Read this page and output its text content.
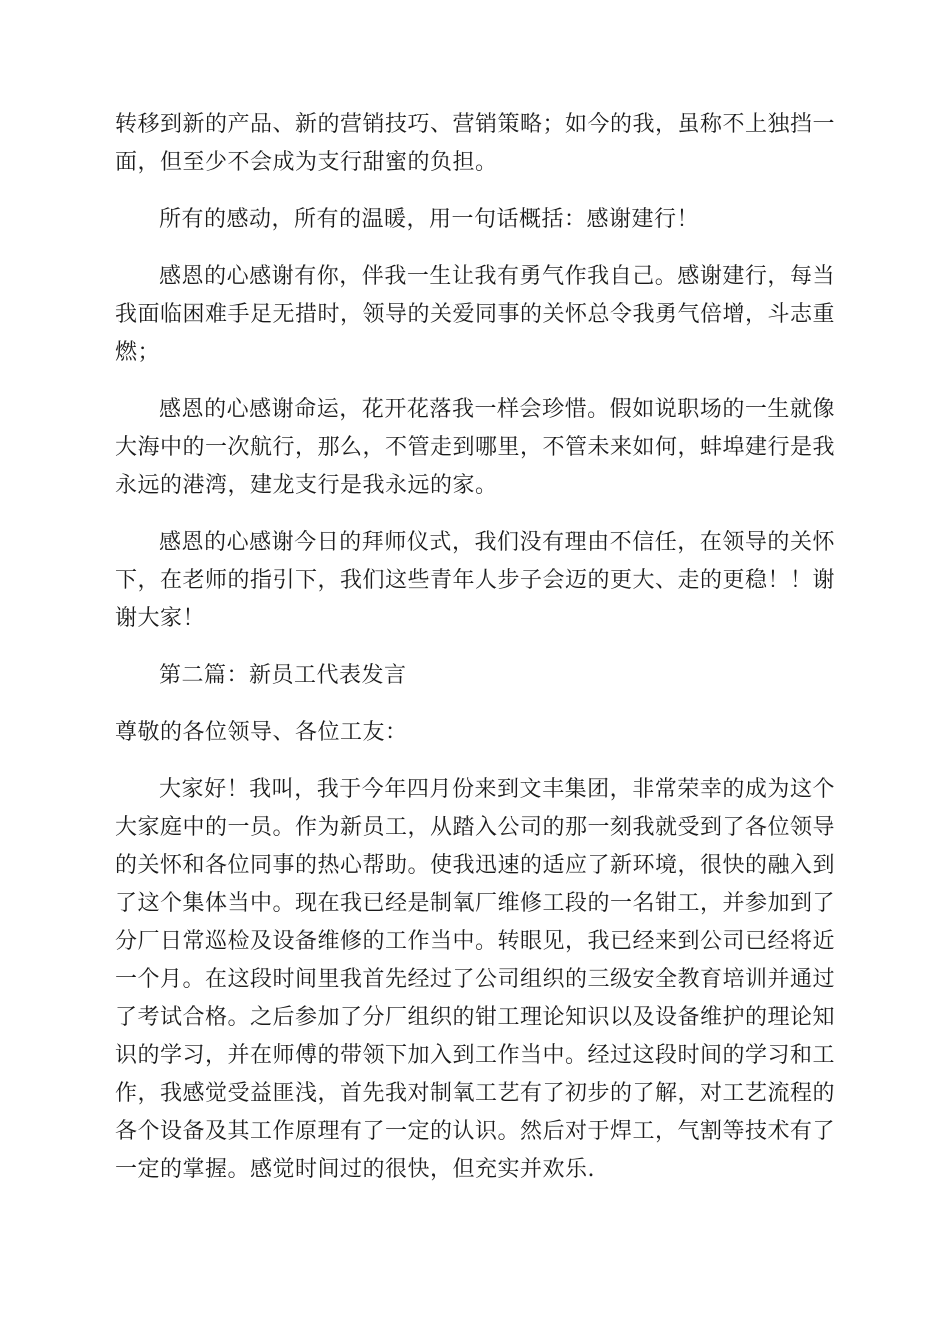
转移到新的产品、新的营销技巧、营销策略；如今的我，虽称不上独挡一面，但至少不会成为支行甜蜜的负担。

所有的感动，所有的温暖，用一句话概括：感谢建行！

感恩的心感谢有你，伴我一生让我有勇气作我自己。感谢建行，每当我面临困难手足无措时，领导的关爱同事的关怀总令我勇气倍增，斗志重燃；

感恩的心感谢命运，花开花落我一样会珍惜。假如说职场的一生就像大海中的一次航行，那么，不管走到哪里，不管未来如何，蚌埠建行是我永远的港湾，建龙支行是我永远的家。

感恩的心感谢今日的拜师仪式，我们没有理由不信任，在领导的关怀下，在老师的指引下，我们这些青年人步子会迈的更大、走的更稳！！谢谢大家！

第二篇：新员工代表发言

尊敬的各位领导、各位工友：

大家好！我叫，我于今年四月份来到文丰集团，非常荣幸的成为这个大家庭中的一员。作为新员工，从踏入公司的那一刻我就受到了各位领导的关怀和各位同事的热心帮助。使我迅速的适应了新环境，很快的融入到了这个集体当中。现在我已经是制氧厂维修工段的一名钳工，并参加到了分厂日常巡检及设备维修的工作当中。转眼见，我已经来到公司已经将近一个月。在这段时间里我首先经过了公司组织的三级安全教育培训并通过了考试合格。之后参加了分厂组织的钳工理论知识以及设备维护的理论知识的学习，并在师傅的带领下加入到工作当中。经过这段时间的学习和工作，我感觉受益匪浅，首先我对制氧工艺有了初步的了解，对工艺流程的各个设备及其工作原理有了一定的认识。然后对于焊工，气割等技术有了一定的掌握。感觉时间过的很快，但充实并欢乐.
